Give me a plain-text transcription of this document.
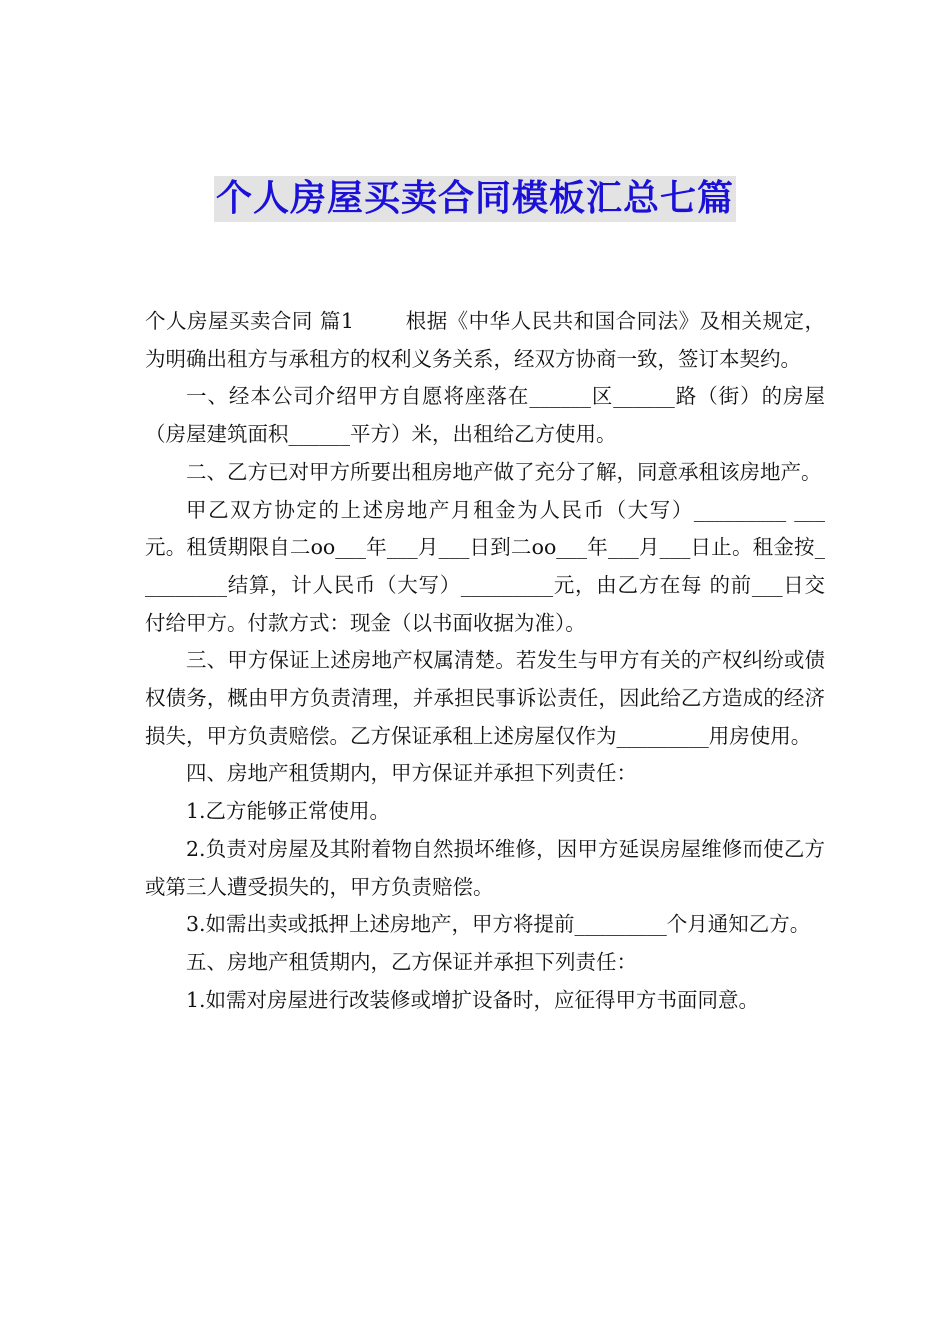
个人房屋买卖合同模板汇总七篇

个人房屋买卖合同 篇1   	根据《中华人民共和国合同法》及相关规定，为明确出租方与承租方的权利义务关系，经双方协商一致，签订本契约。

一、经本公司介绍甲方自愿将座落在______区______路（街）的房屋（房屋建筑面积______平方）米，出租给乙方使用。

二、乙方已对甲方所要出租房地产做了充分了解，同意承租该房地产。

甲乙双方协定的上述房地产月租金为人民币（大写）_________ ___元。租赁期限自二oo___年___月___日到二oo___年___月___日止。租金按_________结算，计人民币（大写）_________元，由乙方在每 的前___日交付给甲方。付款方式：现金（以书面收据为准）。

三、甲方保证上述房地产权属清楚。若发生与甲方有关的产权纠纷或债权债务，概由甲方负责清理，并承担民事诉讼责任，因此给乙方造成的经济损失，甲方负责赔偿。乙方保证承租上述房屋仅作为_________用房使用。

四、房地产租赁期内，甲方保证并承担下列责任：

1.乙方能够正常使用。

2.负责对房屋及其附着物自然损坏维修，因甲方延误房屋维修而使乙方或第三人遭受损失的，甲方负责赔偿。

3.如需出卖或抵押上述房地产，甲方将提前_________个月通知乙方。

五、房地产租赁期内，乙方保证并承担下列责任：

1.如需对房屋进行改装修或增扩设备时，应征得甲方书面同意。
